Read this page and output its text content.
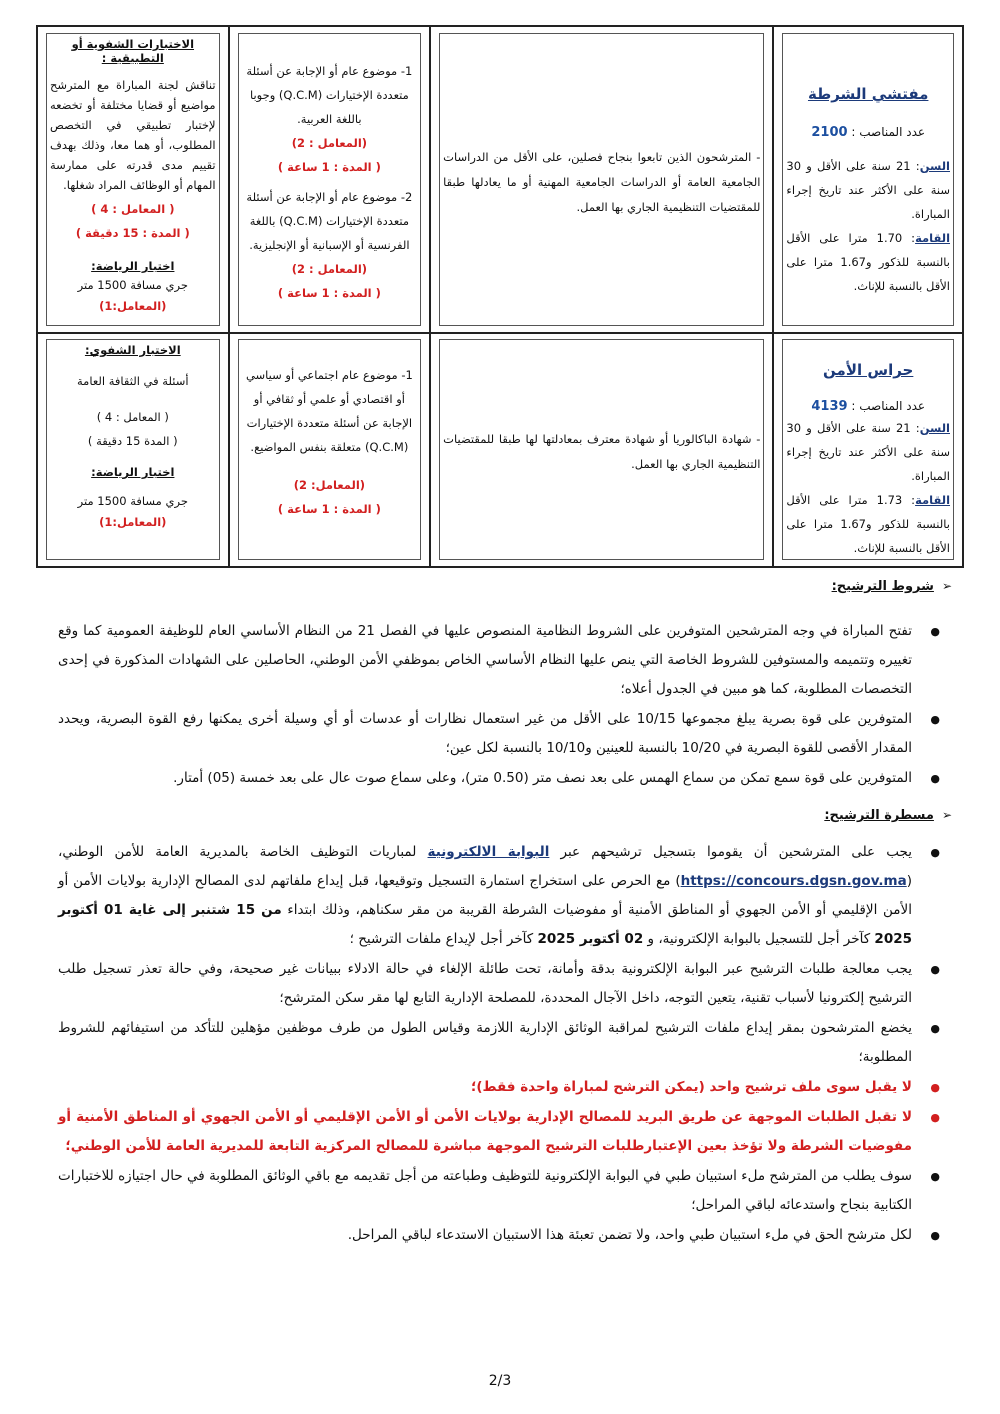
مفتشي الشرطة
عدد المناصب : 2100
السن: 21 سنة على الأقل و 30 سنة على الأكثر عند تاريخ إجراء المباراة.
القامة: 1.70 مترا على الأقل بالنسبة للذكور و1.67 مترا على الأقل بالنسبة للإناث.
- المترشحون الذين تابعوا بنجاح فصلين، على الأقل من الدراسات الجامعية العامة أو الدراسات الجامعية المهنية أو ما يعادلها طبقا للمقتضيات التنظيمية الجاري بها العمل.
1- موضوع عام أو الإجابة عن أسئلة متعددة الإختيارات (Q.C.M) وجوبا باللغة العربية.
(المعامل : 2)
( المدة : 1 ساعة )
2- موضوع عام أو الإجابة عن أسئلة متعددة الإختيارات (Q.C.M) باللغة الفرنسية أو الإسبانية أو الإنجليزية.
(المعامل : 2)
( المدة : 1 ساعة )
الاختبارات الشفوية أو التطبيقية :
تناقش لجنة المباراة مع المترشح مواضيع أو قضايا مختلفة أو تخضعه لإختبار تطبيقي في التخصص المطلوب، أو هما معا، وذلك بهدف تقييم مدى قدرته على ممارسة المهام أو الوظائف المراد شغلها.
( المعامل : 4 )
( المدة : 15 دقيقة )
اختبار الرياضة:
جري مسافة 1500 متر
(المعامل:1)
حراس الأمن
عدد المناصب : 4139
السن: 21 سنة على الأقل و 30 سنة على الأكثر عند تاريخ إجراء المباراة.
القامة: 1.73 مترا على الأقل بالنسبة للذكور و1.67 مترا على الأقل بالنسبة للإناث.
- شهادة الباكالوريا أو شهادة معترف بمعادلتها لها طبقا للمقتضيات التنظيمية الجاري بها العمل.
1- موضوع عام اجتماعي أو سياسي أو اقتصادي أو علمي أو ثقافي أو الإجابة عن أسئلة متعددة الإختيارات (Q.C.M) متعلقة بنفس المواضيع.
(المعامل: 2)
( المدة : 1 ساعة )
الاختبار الشفوي:
أسئلة في الثقافة العامة
( المعامل : 4 )
( المدة 15 دقيقة )
اختبار الرياضة:
جري مسافة 1500 متر
(المعامل:1)
➢شروط الترشيح:
● تفتح المباراة في وجه المترشحين المتوفرين على الشروط النظامية المنصوص عليها في الفصل 21 من النظام الأساسي العام للوظيفة العمومية كما وقع تغييره وتتميمه والمستوفين للشروط الخاصة التي ينص عليها النظام الأساسي الخاص بموظفي الأمن الوطني، الحاصلين على الشهادات المذكورة في إحدى التخصصات المطلوبة، كما هو مبين في الجدول أعلاه؛
● المتوفرين على قوة بصرية يبلغ مجموعها 10/15 على الأقل من غير استعمال نظارات أو عدسات أو أي وسيلة أخرى يمكنها رفع القوة البصرية، ويحدد المقدار الأقصى للقوة البصرية في 10/20 بالنسبة للعينين و10/10 بالنسبة لكل عين؛
● المتوفرين على قوة سمع تمكن من سماع الهمس على بعد نصف متر (0.50 متر)، وعلى سماع صوت عال على بعد خمسة (05) أمتار.
➢مسطرة الترشيح:
● يجب على المترشحين أن يقوموا بتسجيل ترشيحهم عبر البوابة الالكترونية لمباريات التوظيف الخاصة بالمديرية العامة للأمن الوطني، (https://concours.dgsn.gov.ma) مع الحرص على استخراج استمارة التسجيل وتوقيعها، قبل إيداع ملفاتهم لدى المصالح الإدارية بولايات الأمن أو الأمن الإقليمي أو الأمن الجهوي أو المناطق الأمنية أو مفوضيات الشرطة القريبة من مقر سكناهم، وذلك ابتداء من 15 شتنبر إلى غاية 01 أكتوبر 2025 كآخر أجل للتسجيل بالبوابة الإلكترونية، و 02 أكتوبر 2025 كآخر أجل لإيداع ملفات الترشيح ؛
● يجب معالجة طلبات الترشيح عبر البوابة الإلكترونية بدقة وأمانة، تحت طائلة الإلغاء في حالة الادلاء ببيانات غير صحيحة، وفي حالة تعذر تسجيل طلب الترشيح إلكترونيا لأسباب تقنية، يتعين التوجه، داخل الآجال المحددة، للمصلحة الإدارية التابع لها مقر سكن المترشح؛
● يخضع المترشحون بمقر إيداع ملفات الترشيح لمراقبة الوثائق الإدارية اللازمة وقياس الطول من طرف موظفين مؤهلين للتأكد من استيفائهم للشروط المطلوبة؛
● لا يقبل سوى ملف ترشيح واحد (يمكن الترشح لمباراة واحدة فقط)؛
● لا تقبل الطلبات الموجهة عن طريق البريد للمصالح الإدارية بولايات الأمن أو الأمن الإقليمي أو الأمن الجهوي أو المناطق الأمنية أو مفوضيات الشرطة ولا تؤخذ بعين الإعتبارطلبات الترشيح الموجهة مباشرة للمصالح المركزية التابعة للمديرية العامة للأمن الوطني؛
● سوف يطلب من المترشح ملء استبيان طبي في البوابة الإلكترونية للتوظيف وطباعته من أجل تقديمه مع باقي الوثائق المطلوبة في حال اجتيازه للاختبارات الكتابية بنجاح واستدعائه لباقي المراحل؛
● لكل مترشح الحق في ملء استبيان طبي واحد، ولا تضمن تعبئة هذا الاستبيان الاستدعاء لباقي المراحل.
2/3
